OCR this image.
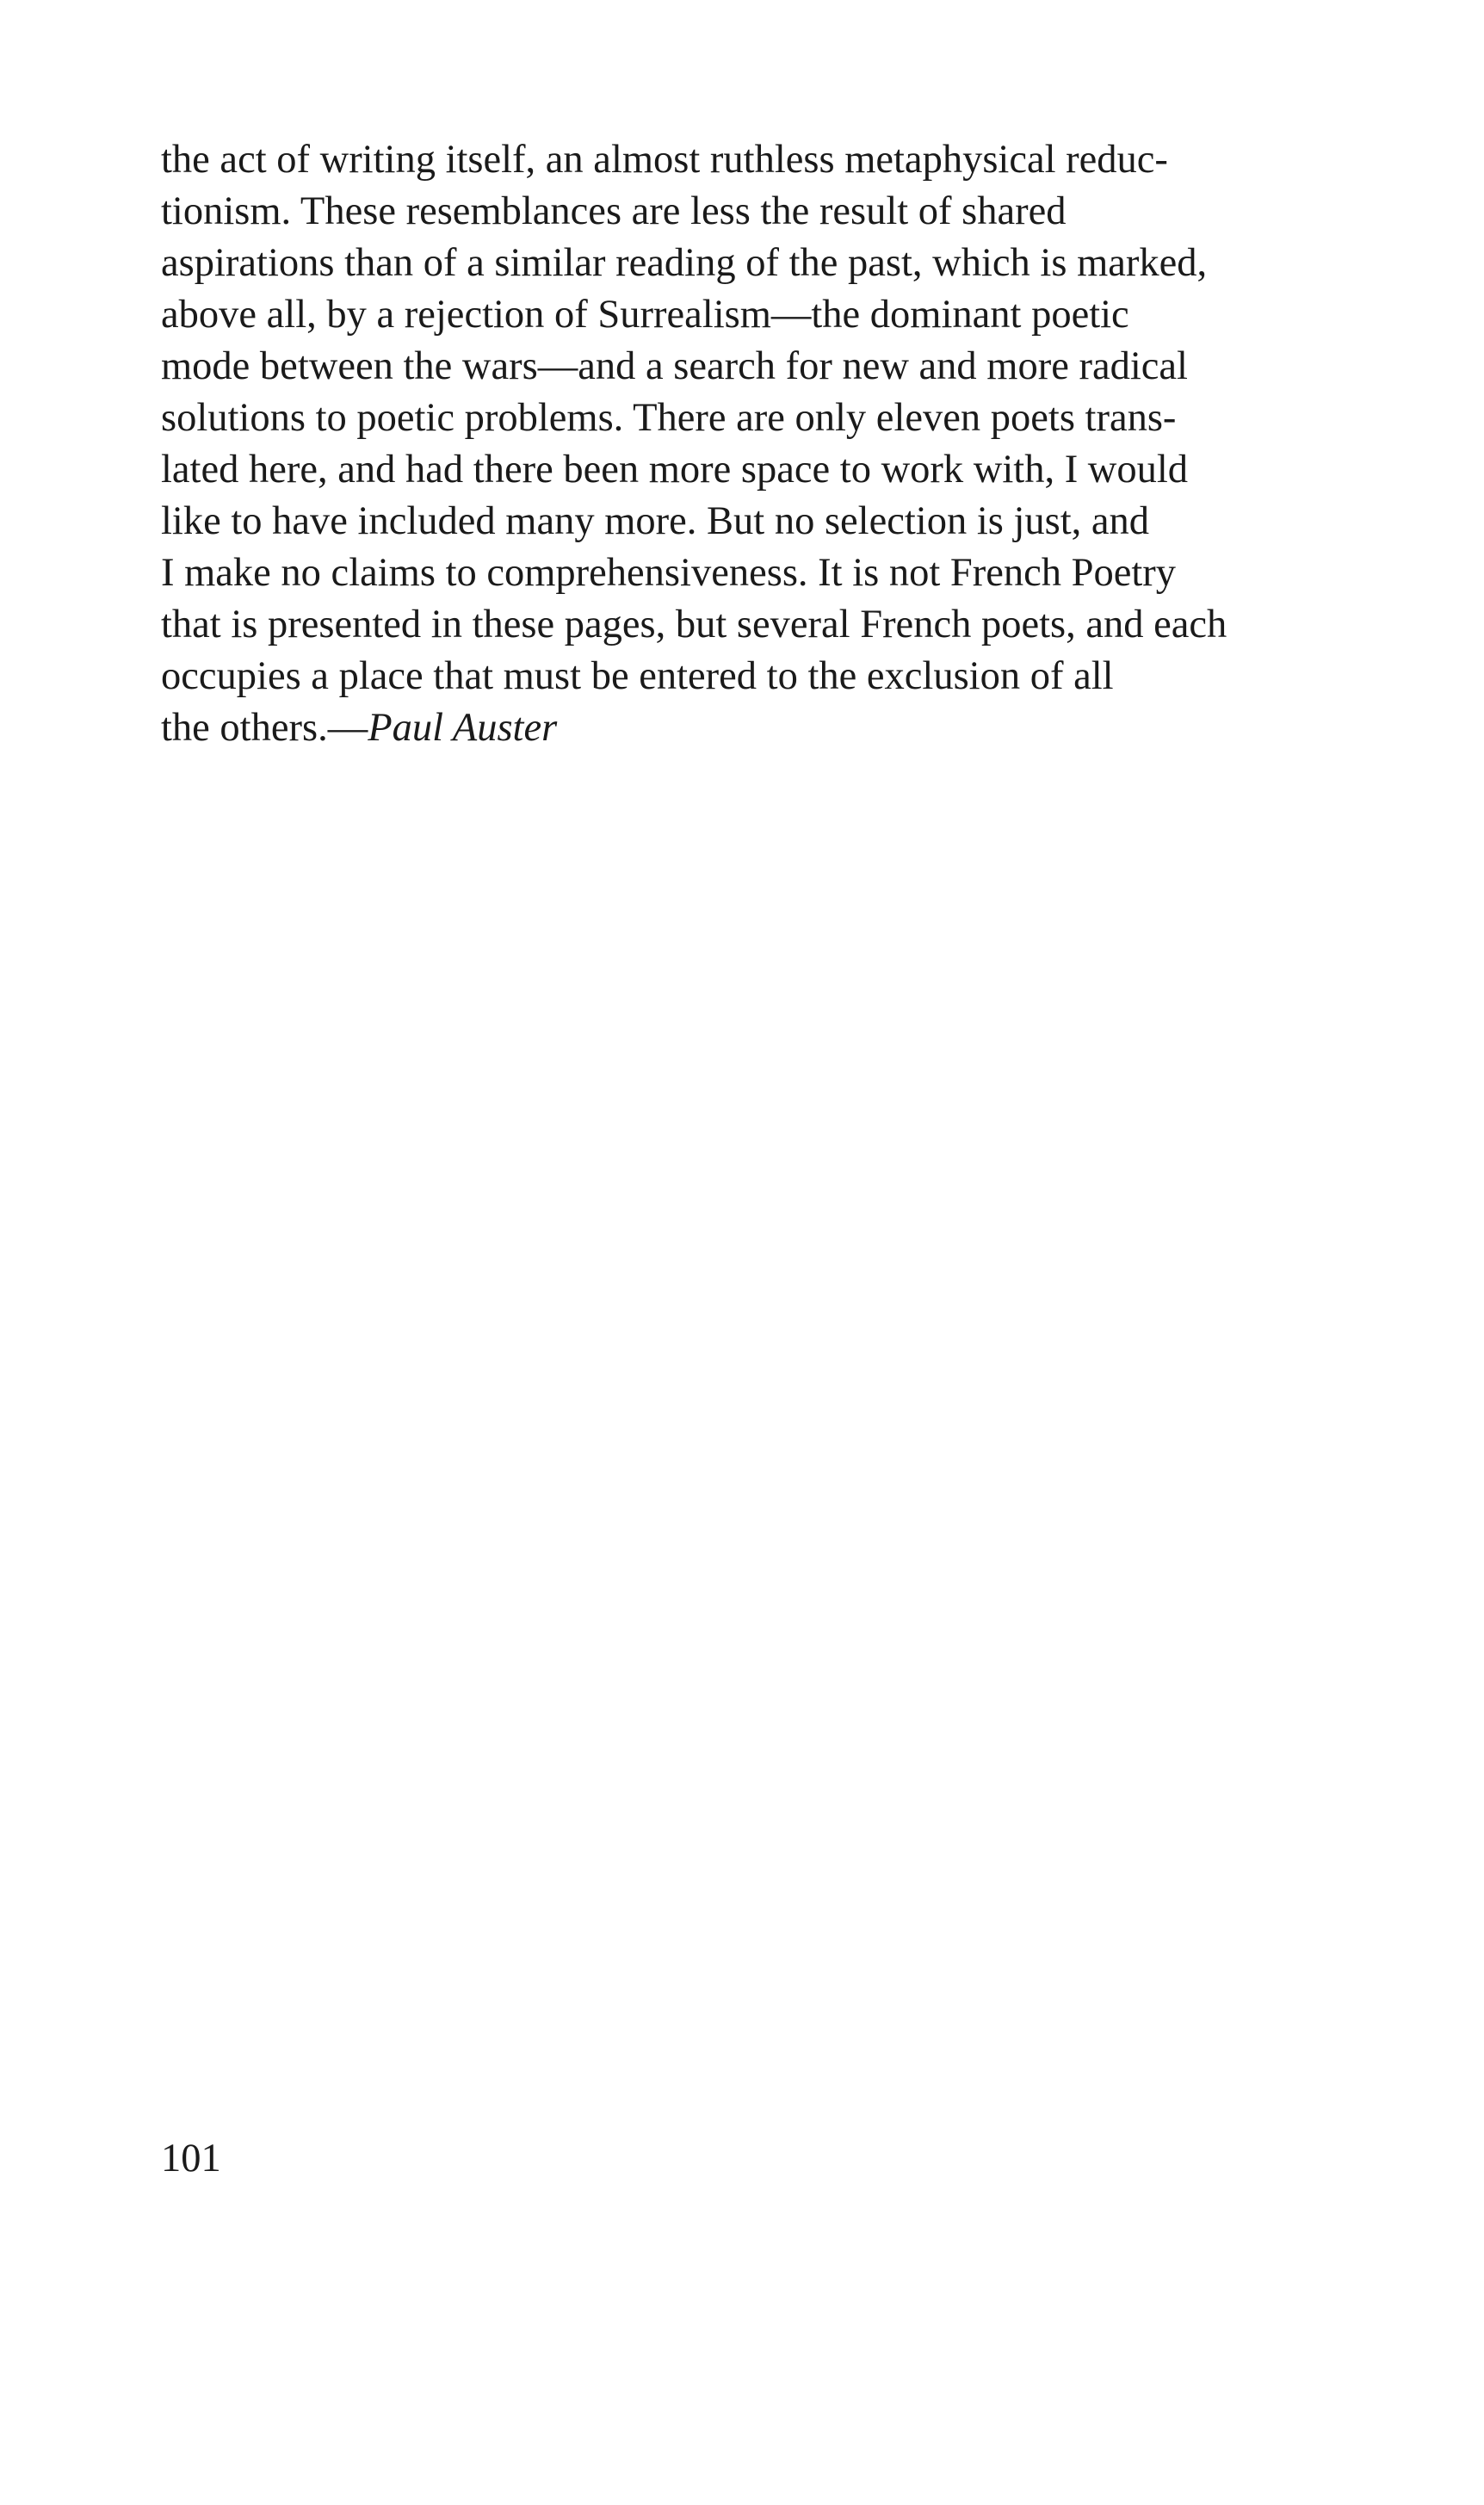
the act of writing itself, an almost ruthless metaphysical reduc-
tionism. These resemblances are less the result of shared
aspirations than of a similar reading of the past, which is marked,
above all, by a rejection of Surrealism—the dominant poetic
mode between the wars—and a search for new and more radical
solutions to poetic problems. There are only eleven poets trans-
lated here, and had there been more space to work with, I would
like to have included many more. But no selection is just, and
I make no claims to comprehensiveness. It is not French Poetry
that is presented in these pages, but several French poets, and each
occupies a place that must be entered to the exclusion of all
the others.—Paul Auster
101
